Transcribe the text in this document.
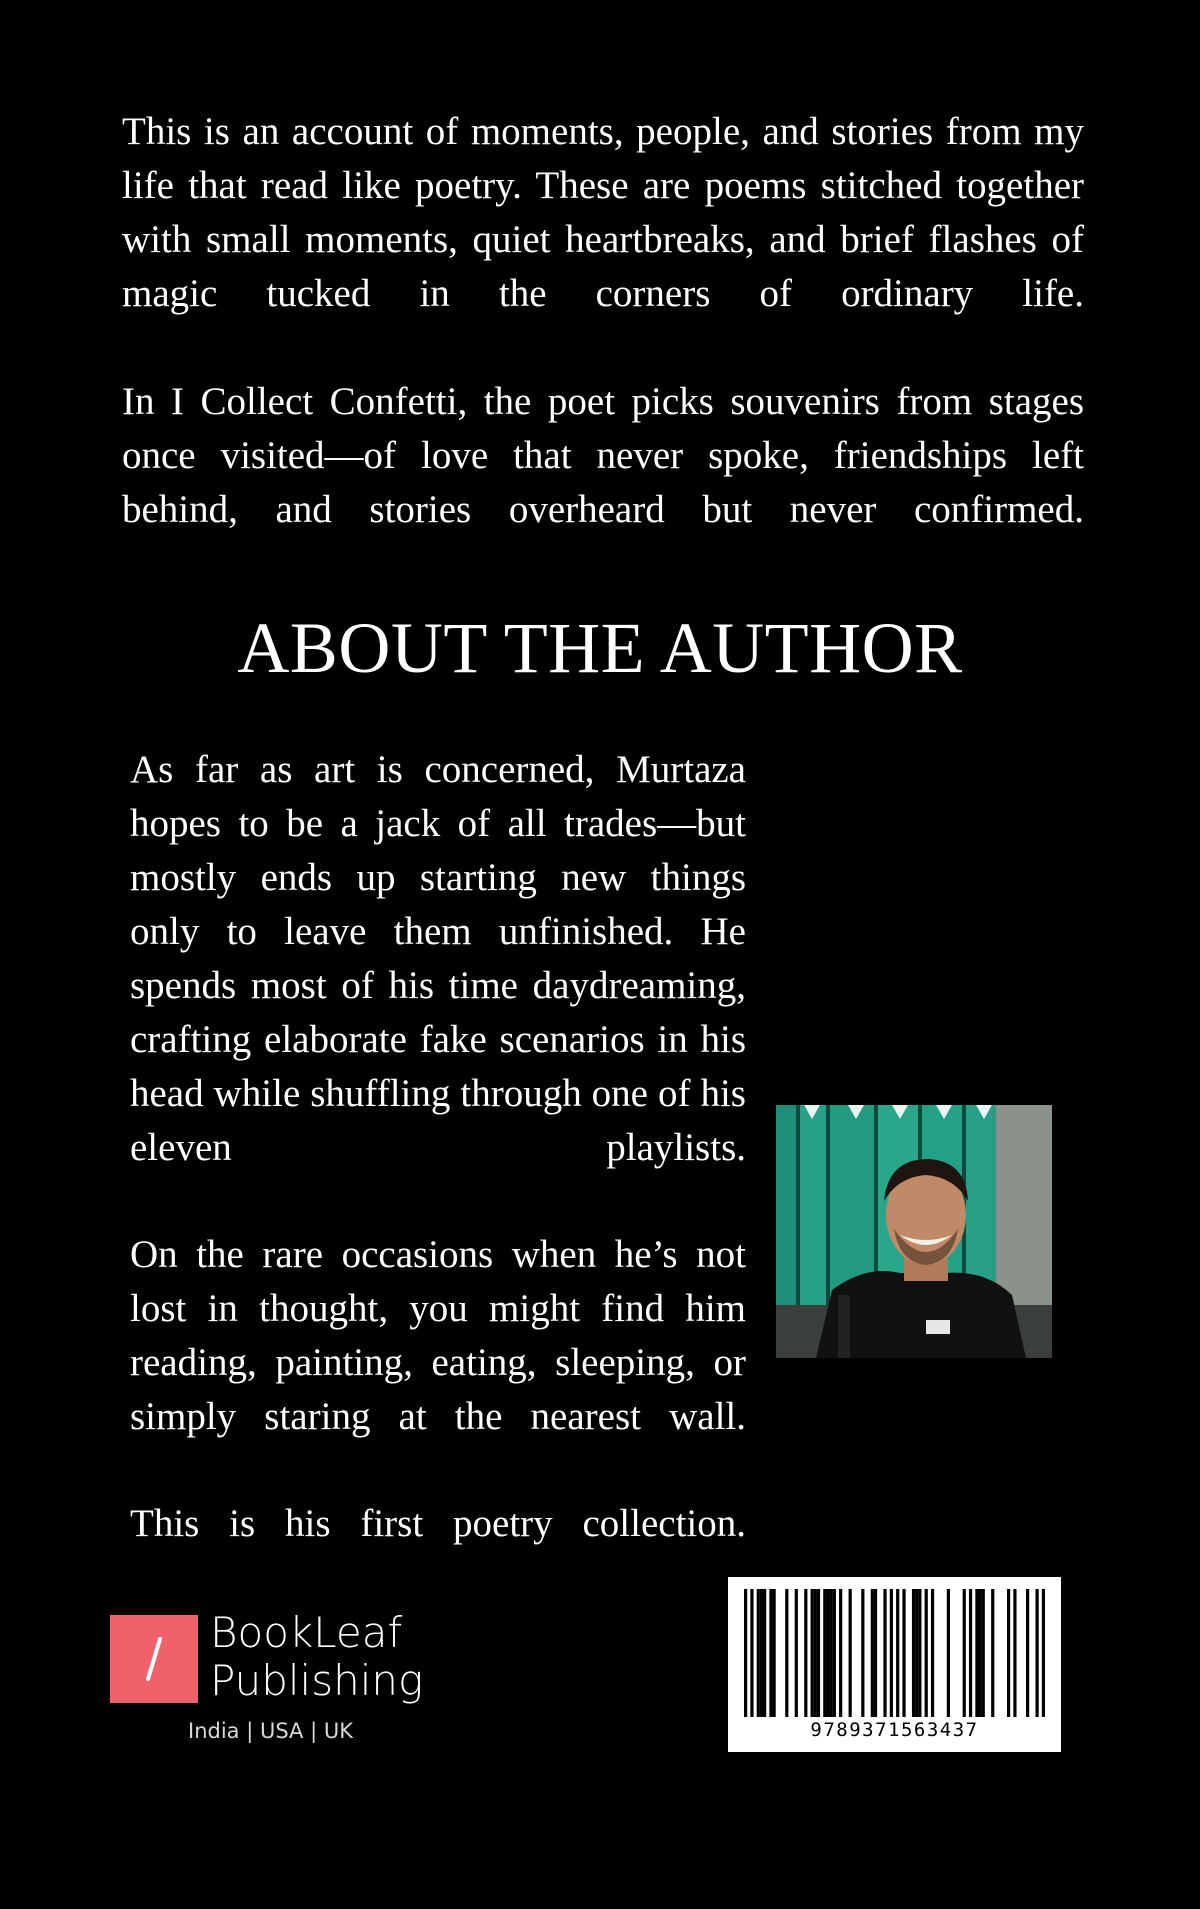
This is an account of moments, people, and stories from my life that read like poetry. These are poems stitched together with small moments, quiet heartbreaks, and brief flashes of magic tucked in the corners of ordinary life.

In I Collect Confetti, the poet picks souvenirs from stages once visited—of love that never spoke, friendships left behind, and stories overheard but never confirmed.

ABOUT THE AUTHOR

As far as art is concerned, Murtaza hopes to be a jack of all trades—but mostly ends up starting new things only to leave them unfinished. He spends most of his time daydreaming, crafting elaborate fake scenarios in his head while shuffling through one of his eleven playlists.

On the rare occasions when he’s not lost in thought, you might find him reading, painting, eating, sleeping, or simply staring at the nearest wall.

This is his first poetry collection.

BookLeaf
Publishing
India | USA | UK	9789371563437
